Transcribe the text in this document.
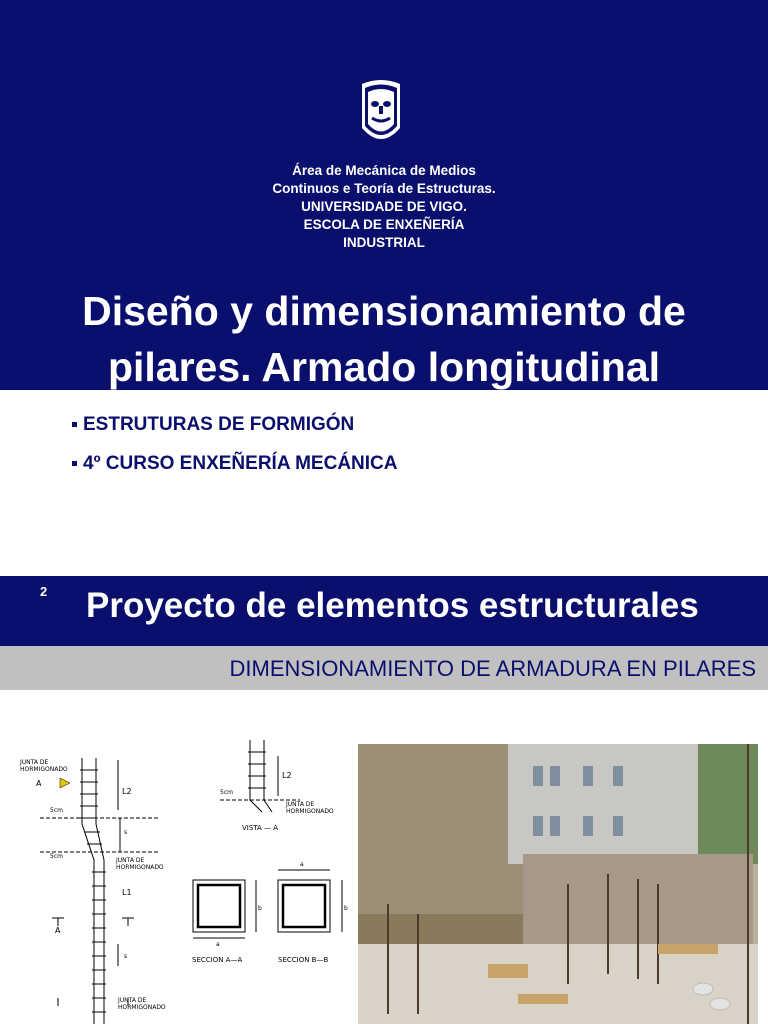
Área de Mecánica de Medios
Continuos e Teoría de Estructuras.
UNIVERSIDADE DE VIGO.
ESCOLA DE ENXEÑERÍA
INDUSTRIAL
Diseño y dimensionamiento de
pilares. Armado longitudinal
ESTRUTURAS DE FORMIGÓN
4º CURSO ENXEÑERÍA MECÁNICA
2 Proyecto de elementos estructurales
DIMENSIONAMIENTO DE ARMADURA EN PILARES
JUNTA DE
HORMIGONADO
A
5cm
5cm
JUNTA DE
HORMIGONADO
L2
L1
s
s
A
JUNTA DE
HORMIGONADO
L2
5cm
JUNTA DE
HORMIGONADO
VISTA — A
a
a
b	b
SECCION A—A	SECCION B—B
